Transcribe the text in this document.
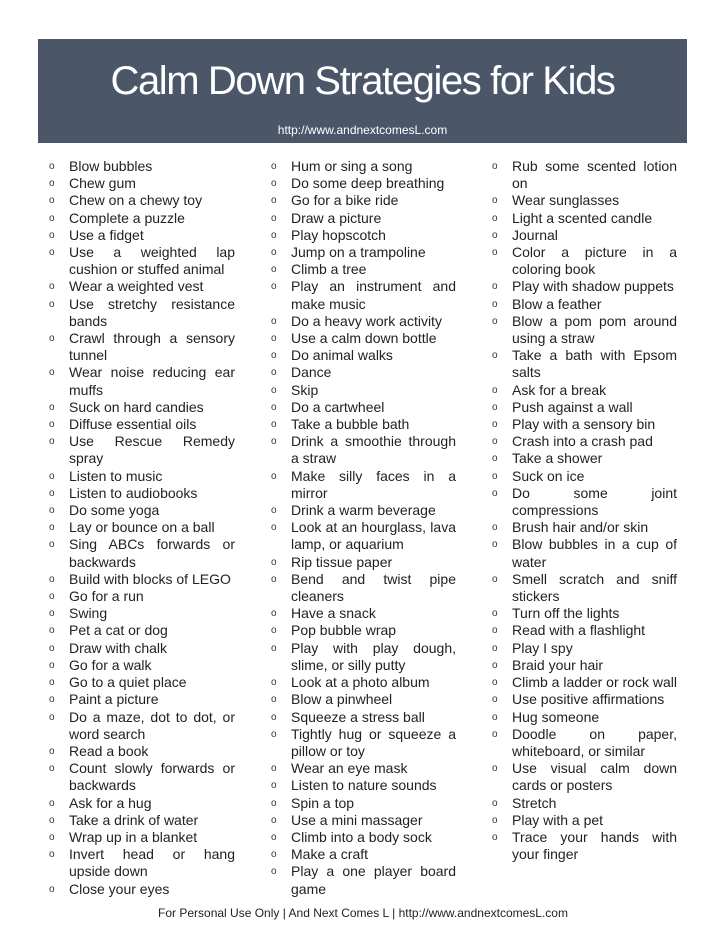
Calm Down Strategies for Kids
http://www.andnextcomesL.com
o	Blow bubbles
o	Chew gum
o	Chew on a chewy toy
o	Complete a puzzle
o	Use a fidget
o	Use a weighted lap cushion or stuffed animal
o	Wear a weighted vest
o	Use stretchy resistance bands
o	Crawl through a sensory tunnel
o	Wear noise reducing ear muffs
o	Suck on hard candies
o	Diffuse essential oils
o	Use Rescue Remedy spray
o	Listen to music
o	Listen to audiobooks
o	Do some yoga
o	Lay or bounce on a ball
o	Sing ABCs forwards or backwards
o	Build with blocks of LEGO
o	Go for a run
o	Swing
o	Pet a cat or dog
o	Draw with chalk
o	Go for a walk
o	Go to a quiet place
o	Paint a picture
o	Do a maze, dot to dot, or word search
o	Read a book
o	Count slowly forwards or backwards
o	Ask for a hug
o	Take a drink of water
o	Wrap up in a blanket
o	Invert head or hang upside down
o	Close your eyes
o	Hum or sing a song
o	Do some deep breathing
o	Go for a bike ride
o	Draw a picture
o	Play hopscotch
o	Jump on a trampoline
o	Climb a tree
o	Play an instrument and make music
o	Do a heavy work activity
o	Use a calm down bottle
o	Do animal walks
o	Dance
o	Skip
o	Do a cartwheel
o	Take a bubble bath
o	Drink a smoothie through a straw
o	Make silly faces in a mirror
o	Drink a warm beverage
o	Look at an hourglass, lava lamp, or aquarium
o	Rip tissue paper
o	Bend and twist pipe cleaners
o	Have a snack
o	Pop bubble wrap
o	Play with play dough, slime, or silly putty
o	Look at a photo album
o	Blow a pinwheel
o	Squeeze a stress ball
o	Tightly hug or squeeze a pillow or toy
o	Wear an eye mask
o	Listen to nature sounds
o	Spin a top
o	Use a mini massager
o	Climb into a body sock
o	Make a craft
o	Play a one player board game
o	Rub some scented lotion on
o	Wear sunglasses
o	Light a scented candle
o	Journal
o	Color a picture in a coloring book
o	Play with shadow puppets
o	Blow a feather
o	Blow a pom pom around using a straw
o	Take a bath with Epsom salts
o	Ask for a break
o	Push against a wall
o	Play with a sensory bin
o	Crash into a crash pad
o	Take a shower
o	Suck on ice
o	Do some joint compressions
o	Brush hair and/or skin
o	Blow bubbles in a cup of water
o	Smell scratch and sniff stickers
o	Turn off the lights
o	Read with a flashlight
o	Play I spy
o	Braid your hair
o	Climb a ladder or rock wall
o	Use positive affirmations
o	Hug someone
o	Doodle on paper, whiteboard, or similar
o	Use visual calm down cards or posters
o	Stretch
o	Play with a pet
o	Trace your hands with your finger
For Personal Use Only | And Next Comes L | http://www.andnextcomesL.com
